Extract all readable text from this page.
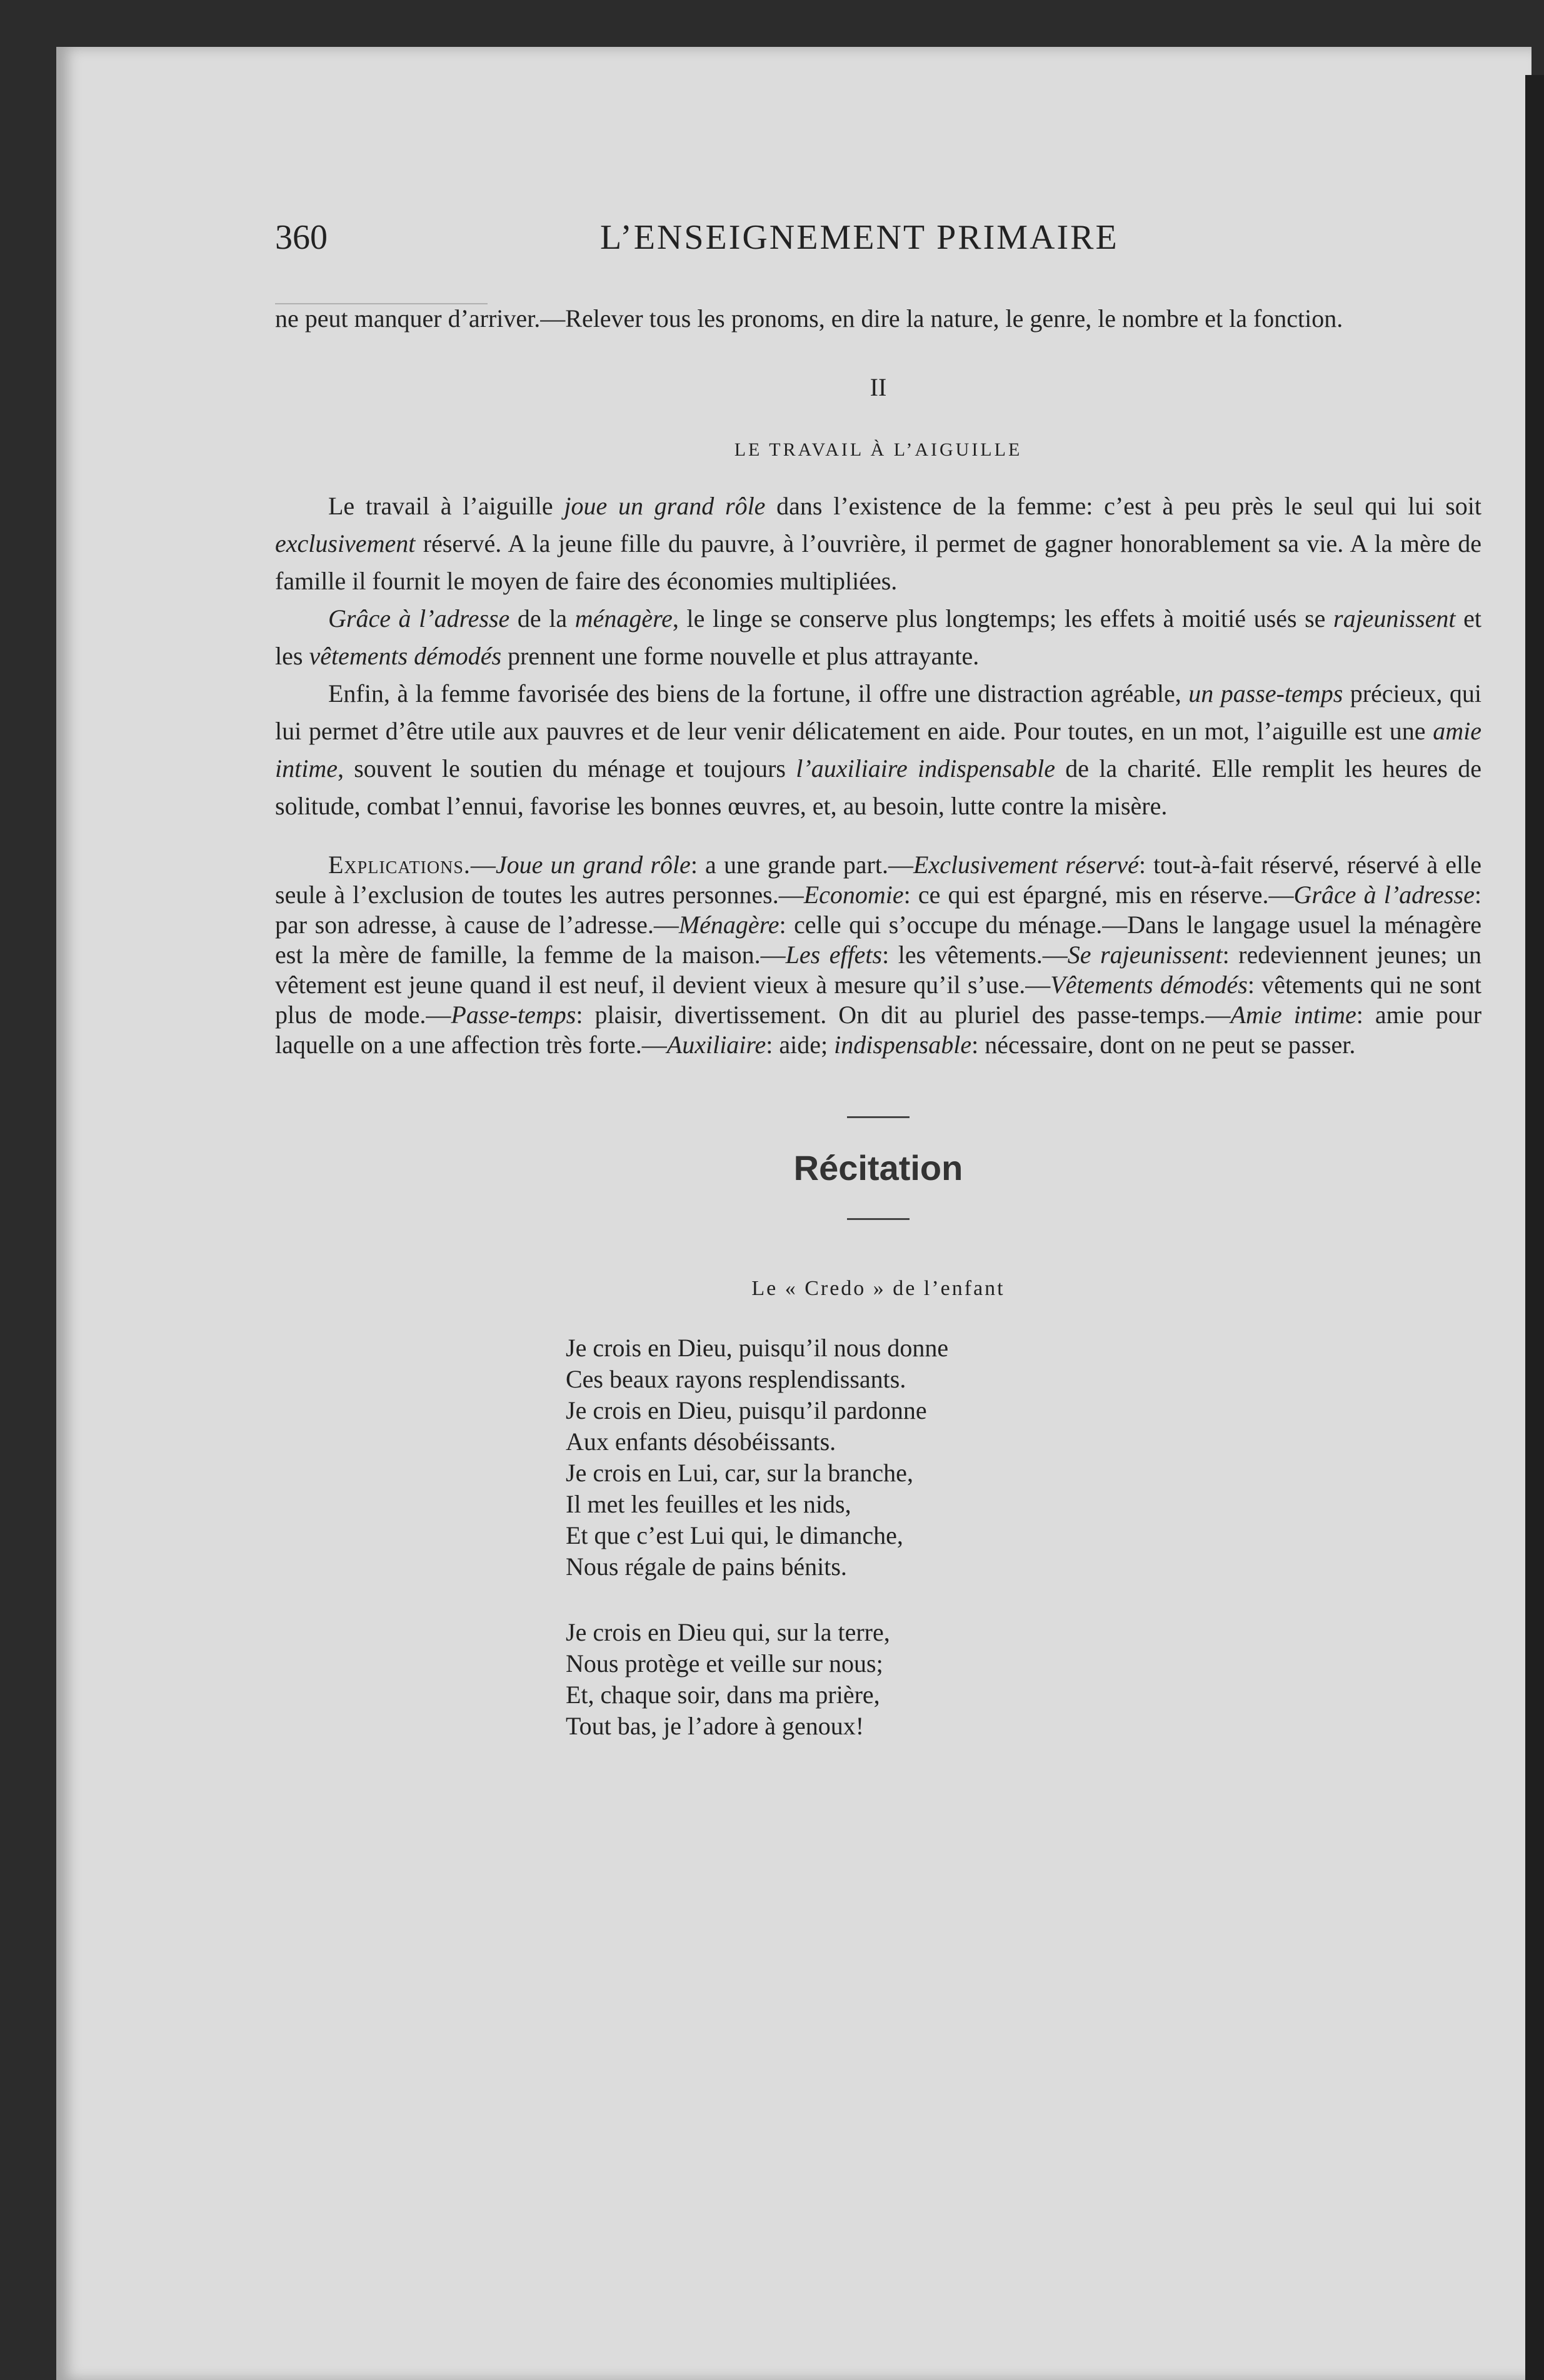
360	L’ENSEIGNEMENT PRIMAIRE

ne peut manquer d’arriver.—Relever tous les pronoms, en dire la nature, le genre, le nombre et la fonction.

II
LE TRAVAIL À L’AIGUILLE

Le travail à l’aiguille joue un grand rôle dans l’existence de la femme: c’est à peu près le seul qui lui soit exclusivement réservé. A la jeune fille du pauvre, à l’ouvrière, il permet de gagner honorablement sa vie. A la mère de famille il fournit le moyen de faire des économies multipliées.

Grâce à l’adresse de la ménagère, le linge se conserve plus longtemps; les effets à moitié usés se rajeunissent et les vêtements démodés prennent une forme nouvelle et plus attrayante.

Enfin, à la femme favorisée des biens de la fortune, il offre une distraction agréable, un passe-temps précieux, qui lui permet d’être utile aux pauvres et de leur venir délicatement en aide. Pour toutes, en un mot, l’aiguille est une amie intime, souvent le soutien du ménage et toujours l’auxiliaire indispensable de la charité. Elle remplit les heures de solitude, combat l’ennui, favorise les bonnes œuvres, et, au besoin, lutte contre la misère.

Explications.—Joue un grand rôle: a une grande part.—Exclusivement réservé: tout-à-fait réservé, réservé à elle seule à l’exclusion de toutes les autres personnes.—Economie: ce qui est épargné, mis en réserve.—Grâce à l’adresse: par son adresse, à cause de l’adresse.—Ménagère: celle qui s’occupe du ménage.—Dans le langage usuel la ménagère est la mère de famille, la femme de la maison.—Les effets: les vêtements.—Se rajeunissent: redeviennent jeunes; un vêtement est jeune quand il est neuf, il devient vieux à mesure qu’il s’use.—Vêtements démodés: vêtements qui ne sont plus de mode.—Passe-temps: plaisir, divertissement. On dit au pluriel des passe-temps.—Amie intime: amie pour laquelle on a une affection très forte.—Auxiliaire: aide; indispensable: nécessaire, dont on ne peut se passer.

Récitation
Le « Credo » de l’enfant
Je crois en Dieu, puisqu’il nous donne
Ces beaux rayons resplendissants.
Je crois en Dieu, puisqu’il pardonne
Aux enfants désobéissants.
Je crois en Lui, car, sur la branche,
Il met les feuilles et les nids,
Et que c’est Lui qui, le dimanche,
Nous régale de pains bénits.
Je crois en Dieu qui, sur la terre,
Nous protège et veille sur nous;
Et, chaque soir, dans ma prière,
Tout bas, je l’adore à genoux!
